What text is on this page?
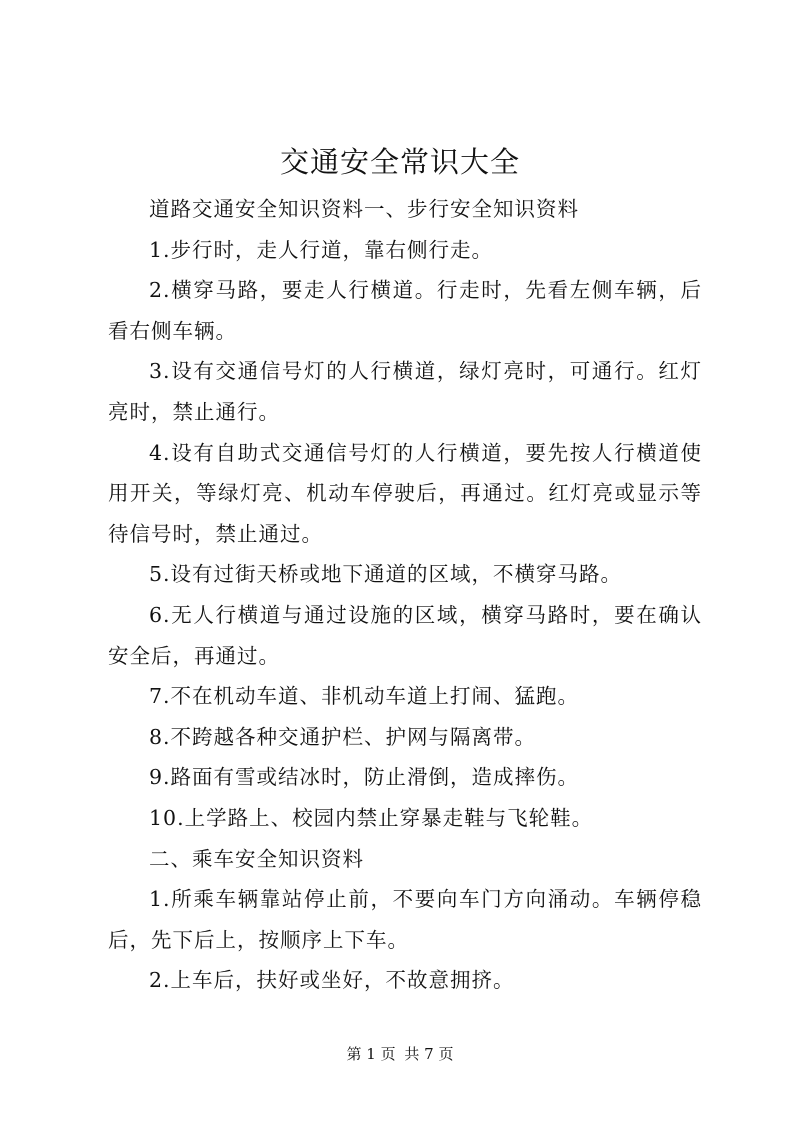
交通安全常识大全

道路交通安全知识资料一、步行安全知识资料

1.步行时，走人行道，靠右侧行走。

2.横穿马路，要走人行横道。行走时，先看左侧车辆，后看右侧车辆。

3.设有交通信号灯的人行横道，绿灯亮时，可通行。红灯亮时，禁止通行。

4.设有自助式交通信号灯的人行横道，要先按人行横道使用开关，等绿灯亮、机动车停驶后，再通过。红灯亮或显示等待信号时，禁止通过。

5.设有过街天桥或地下通道的区域，不横穿马路。

6.无人行横道与通过设施的区域，横穿马路时，要在确认安全后，再通过。

7.不在机动车道、非机动车道上打闹、猛跑。

8.不跨越各种交通护栏、护网与隔离带。

9.路面有雪或结冰时，防止滑倒，造成摔伤。

10.上学路上、校园内禁止穿暴走鞋与飞轮鞋。

二、乘车安全知识资料

1.所乘车辆靠站停止前，不要向车门方向涌动。车辆停稳后，先下后上，按顺序上下车。

2.上车后，扶好或坐好，不故意拥挤。

第 1 页 共 7 页
